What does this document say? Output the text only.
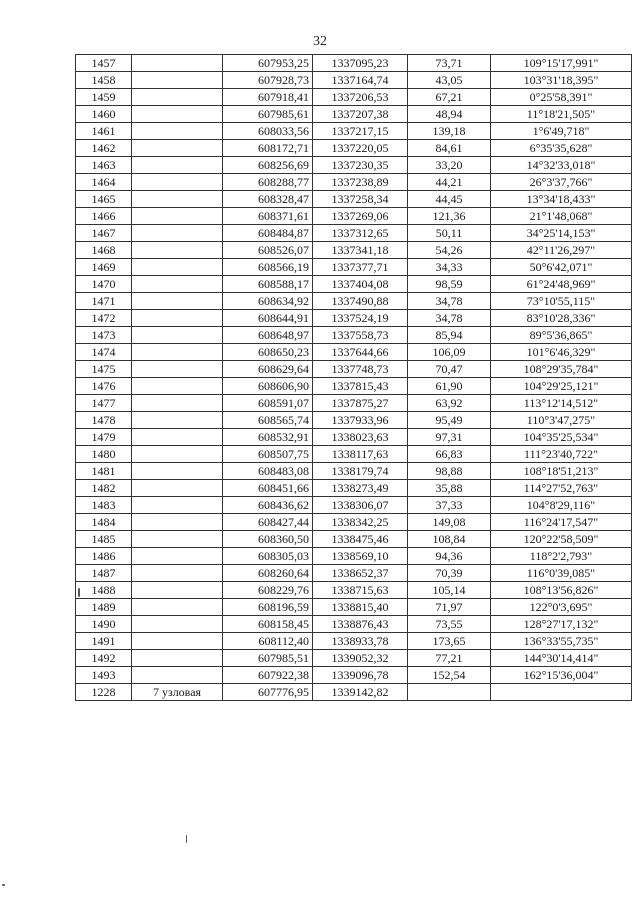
32
1457		607953,25	1337095,23	73,71	109°15'17,991"
1458		607928,73	1337164,74	43,05	103°31'18,395"
1459		607918,41	1337206,53	67,21	0°25'58,391"
1460		607985,61	1337207,38	48,94	11°18'21,505"
1461		608033,56	1337217,15	139,18	1°6'49,718"
1462		608172,71	1337220,05	84,61	6°35'35,628"
1463		608256,69	1337230,35	33,20	14°32'33,018"
1464		608288,77	1337238,89	44,21	26°3'37,766"
1465		608328,47	1337258,34	44,45	13°34'18,433"
1466		608371,61	1337269,06	121,36	21°1'48,068"
1467		608484,87	1337312,65	50,11	34°25'14,153"
1468		608526,07	1337341,18	54,26	42°11'26,297"
1469		608566,19	1337377,71	34,33	50°6'42,071"
1470		608588,17	1337404,08	98,59	61°24'48,969"
1471		608634,92	1337490,88	34,78	73°10'55,115"
1472		608644,91	1337524,19	34,78	83°10'28,336"
1473		608648,97	1337558,73	85,94	89°5'36,865"
1474		608650,23	1337644,66	106,09	101°6'46,329"
1475		608629,64	1337748,73	70,47	108°29'35,784"
1476		608606,90	1337815,43	61,90	104°29'25,121"
1477		608591,07	1337875,27	63,92	113°12'14,512"
1478		608565,74	1337933,96	95,49	110°3'47,275"
1479		608532,91	1338023,63	97,31	104°35'25,534"
1480		608507,75	1338117,63	66,83	111°23'40,722"
1481		608483,08	1338179,74	98,88	108°18'51,213"
1482		608451,66	1338273,49	35,88	114°27'52,763"
1483		608436,62	1338306,07	37,33	104°8'29,116"
1484		608427,44	1338342,25	149,08	116°24'17,547"
1485		608360,50	1338475,46	108,84	120°22'58,509"
1486		608305,03	1338569,10	94,36	118°2'2,793"
1487		608260,64	1338652,37	70,39	116°0'39,085"
1488		608229,76	1338715,63	105,14	108°13'56,826"
1489		608196,59	1338815,40	71,97	122°0'3,695"
1490		608158,45	1338876,43	73,55	128°27'17,132"
1491		608112,40	1338933,78	173,65	136°33'55,735"
1492		607985,51	1339052,32	77,21	144°30'14,414"
1493		607922,38	1339096,78	152,54	162°15'36,004"
1228	7 узловая	607776,95	1339142,82		
